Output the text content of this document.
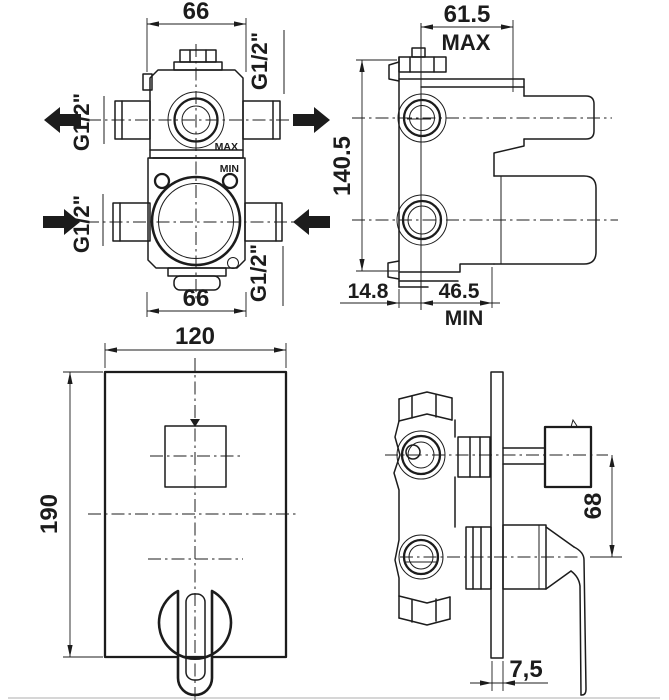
66
66
MAX
MIN
G1/2"
G1/2"
G1/2"
G1/2"
61.5
MAX
140.5
14.8 46.5
MIN
120
190	68
7,5
